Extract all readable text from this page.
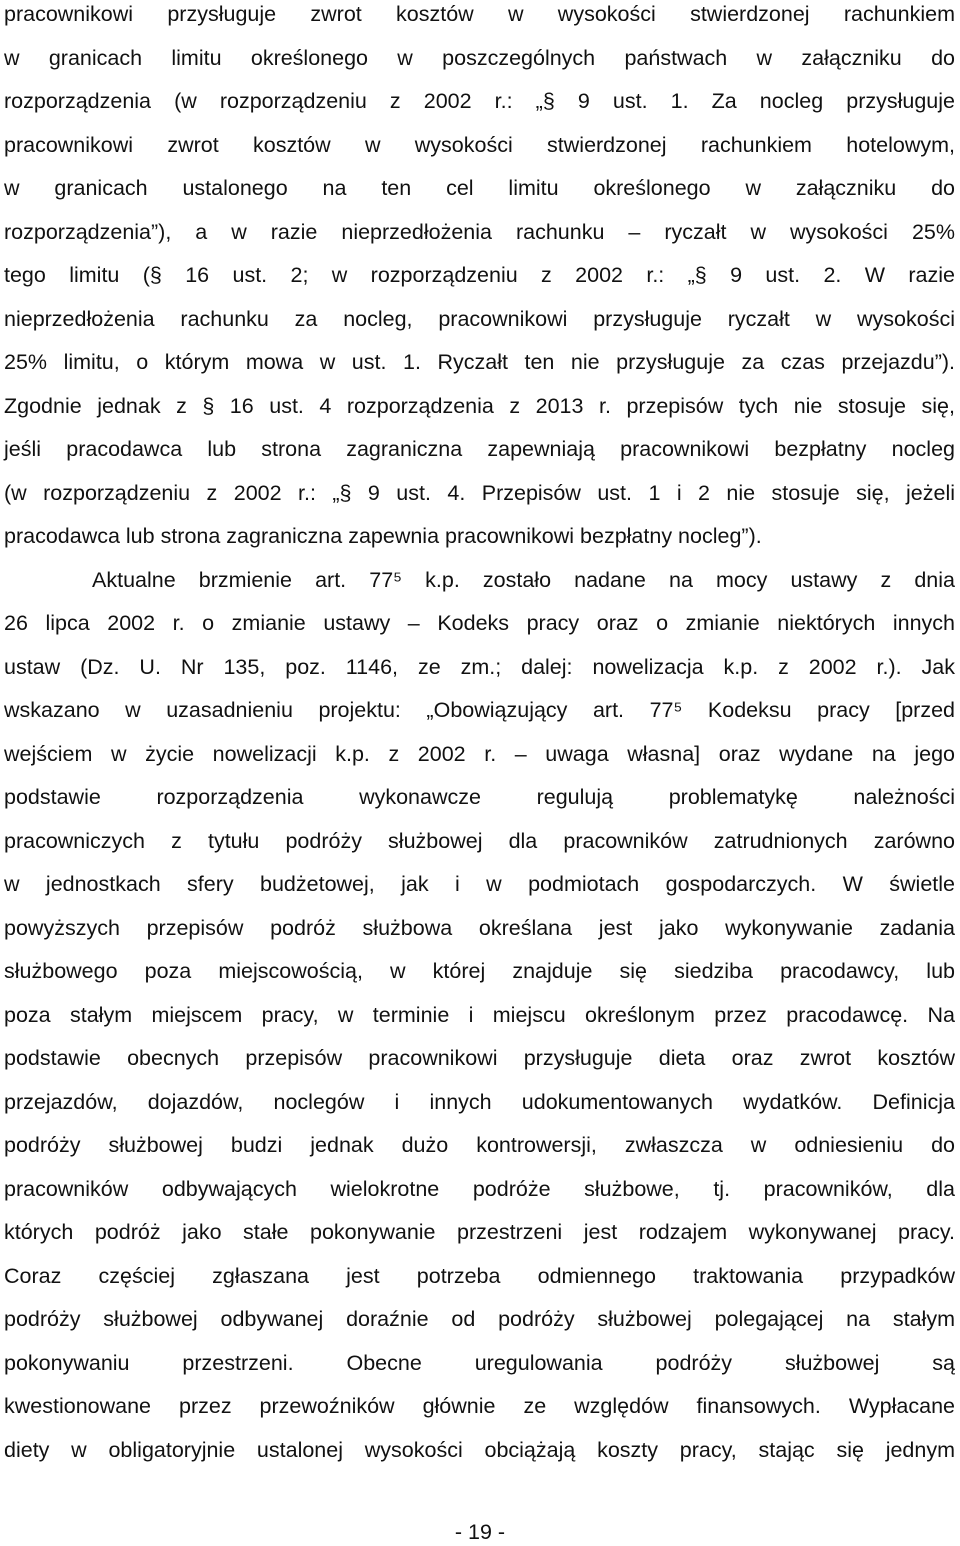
pracownikowi przysługuje zwrot kosztów w wysokości stwierdzonej rachunkiem
w granicach limitu określonego w poszczególnych państwach w załączniku do
rozporządzenia (w rozporządzeniu z 2002 r.: „§ 9 ust. 1. Za nocleg przysługuje
pracownikowi zwrot kosztów w wysokości stwierdzonej rachunkiem hotelowym,
w granicach ustalonego na ten cel limitu określonego w załączniku do
rozporządzenia”), a w razie nieprzedłożenia rachunku – ryczałt w wysokości 25%
tego limitu (§ 16 ust. 2; w rozporządzeniu z 2002 r.: „§ 9 ust. 2. W razie
nieprzedłożenia rachunku za nocleg, pracownikowi przysługuje ryczałt w wysokości
25% limitu, o którym mowa w ust. 1. Ryczałt ten nie przysługuje za czas przejazdu”).
Zgodnie jednak z § 16 ust. 4 rozporządzenia z 2013 r. przepisów tych nie stosuje się,
jeśli pracodawca lub strona zagraniczna zapewniają pracownikowi bezpłatny nocleg
(w rozporządzeniu z 2002 r.: „§ 9 ust. 4. Przepisów ust. 1 i 2 nie stosuje się, jeżeli
pracodawca lub strona zagraniczna zapewnia pracownikowi bezpłatny nocleg”).
Aktualne brzmienie art. 77⁵ k.p. zostało nadane na mocy ustawy z dnia
26 lipca 2002 r. o zmianie ustawy – Kodeks pracy oraz o zmianie niektórych innych
ustaw (Dz. U. Nr 135, poz. 1146, ze zm.; dalej: nowelizacja k.p. z 2002 r.). Jak
wskazano w uzasadnieniu projektu: „Obowiązujący art. 77⁵ Kodeksu pracy [przed
wejściem w życie nowelizacji k.p. z 2002 r. – uwaga własna] oraz wydane na jego
podstawie rozporządzenia wykonawcze regulują problematykę należności
pracowniczych z tytułu podróży służbowej dla pracowników zatrudnionych zarówno
w jednostkach sfery budżetowej, jak i w podmiotach gospodarczych. W świetle
powyższych przepisów podróż służbowa określana jest jako wykonywanie zadania
służbowego poza miejscowością, w której znajduje się siedziba pracodawcy, lub
poza stałym miejscem pracy, w terminie i miejscu określonym przez pracodawcę. Na
podstawie obecnych przepisów pracownikowi przysługuje dieta oraz zwrot kosztów
przejazdów, dojazdów, noclegów i innych udokumentowanych wydatków. Definicja
podróży służbowej budzi jednak dużo kontrowersji, zwłaszcza w odniesieniu do
pracowników odbywających wielokrotne podróże służbowe, tj. pracowników, dla
których podróż jako stałe pokonywanie przestrzeni jest rodzajem wykonywanej pracy.
Coraz częściej zgłaszana jest potrzeba odmiennego traktowania przypadków
podróży służbowej odbywanej doraźnie od podróży służbowej polegającej na stałym
pokonywaniu przestrzeni. Obecne uregulowania podróży służbowej są
kwestionowane przez przewoźników głównie ze względów finansowych. Wypłacane
diety w obligatoryjnie ustalonej wysokości obciążają koszty pracy, stając się jednym
- 19 -
